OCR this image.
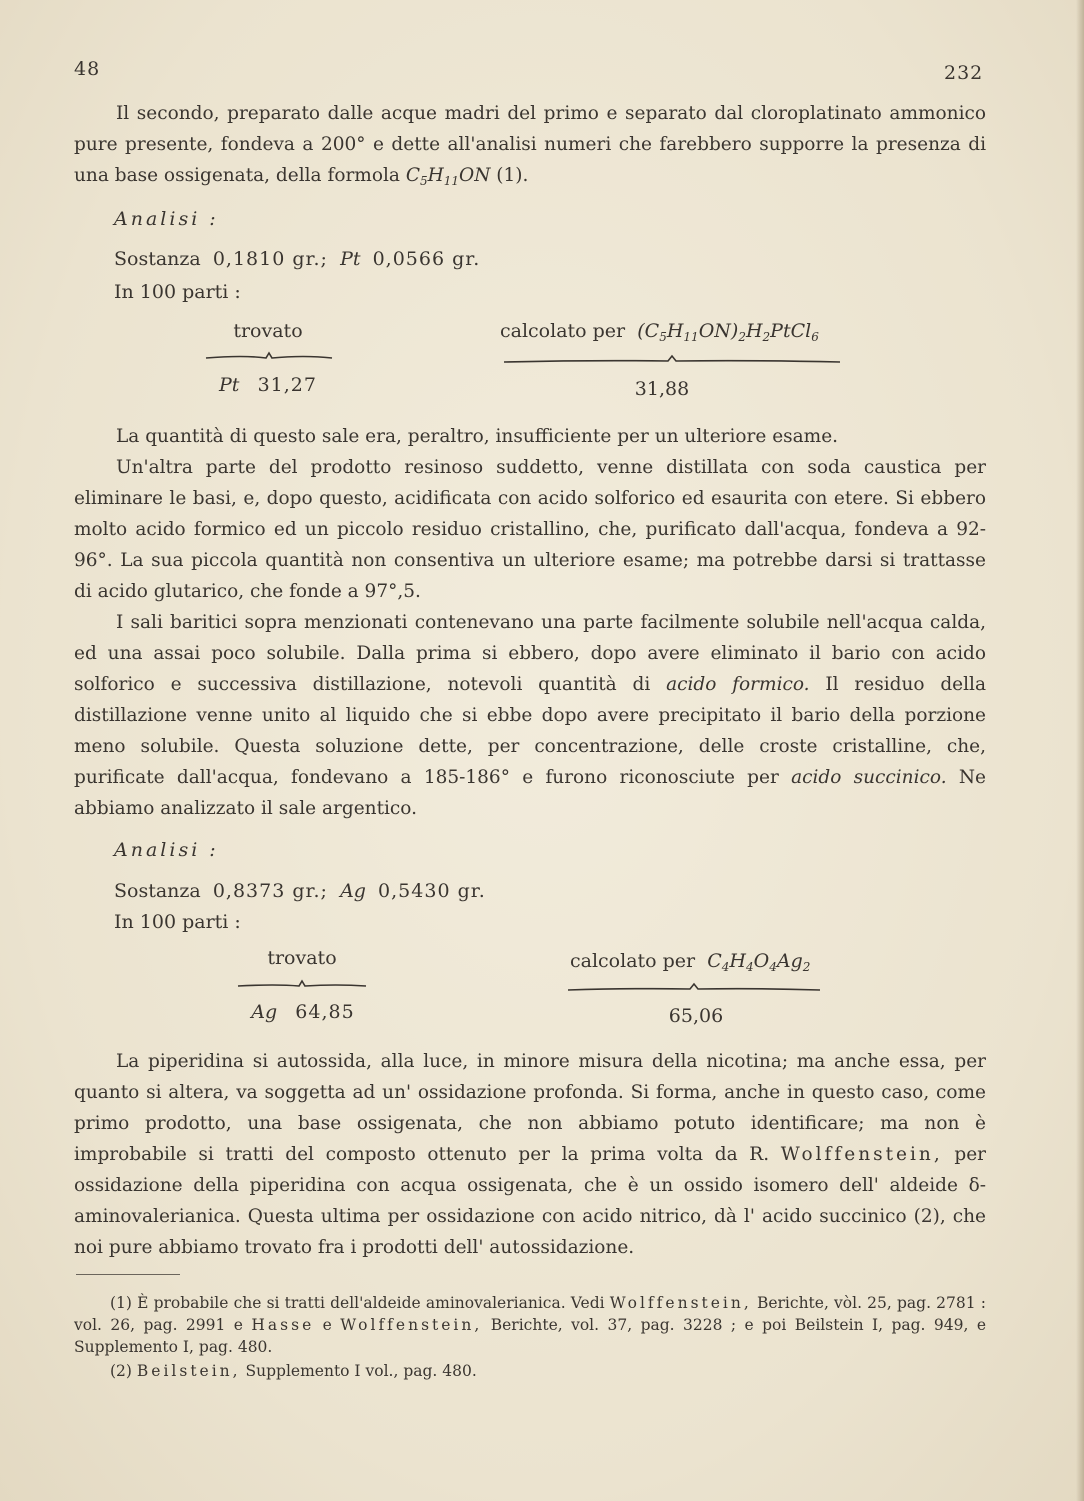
48	232

Il secondo, preparato dalle acque madri del primo e separato dal cloroplatinato ammonico pure presente, fondeva a 200° e dette all'analisi numeri che farebbero supporre la presenza di una base ossigenata, della formola $C_5H_{11}ON$ (1).

Analisi :
Sostanza 0,1810 gr.; Pt 0,0566 gr.
In 100 parti :
trovato	calcolato per $(C_5H_{11}ON)_2H_2PtCl_6$
Pt 31,27	31,88

La quantità di questo sale era, peraltro, insufficiente per un ulteriore esame.

Un'altra parte del prodotto resinoso suddetto, venne distillata con soda caustica per eliminare le basi, e, dopo questo, acidificata con acido solforico ed esaurita con etere. Si ebbero molto acido formico ed un piccolo residuo cristallino, che, purificato dall'acqua, fondeva a 92-96°. La sua piccola quantità non consentiva un ulteriore esame; ma potrebbe darsi si trattasse di acido glutarico, che fonde a 97°,5.

I sali baritici sopra menzionati contenevano una parte facilmente solubile nell'acqua calda, ed una assai poco solubile. Dalla prima si ebbero, dopo avere eliminato il bario con acido solforico e successiva distillazione, notevoli quantità di acido formico. Il residuo della distillazione venne unito al liquido che si ebbe dopo avere precipitato il bario della porzione meno solubile. Questa soluzione dette, per concentrazione, delle croste cristalline, che, purificate dall'acqua, fondevano a 185-186° e furono riconosciute per acido succinico. Ne abbiamo analizzato il sale argentico.

Analisi :
Sostanza 0,8373 gr.; Ag 0,5430 gr.
In 100 parti :
trovato	calcolato per $C_4H_4O_4Ag_2$
Ag 64,85	65,06

La piperidina si autossida, alla luce, in minore misura della nicotina; ma anche essa, per quanto si altera, va soggetta ad un' ossidazione profonda. Si forma, anche in questo caso, come primo prodotto, una base ossigenata, che non abbiamo potuto identificare; ma non è improbabile si tratti del composto ottenuto per la prima volta da R. Wolffenstein, per ossidazione della piperidina con acqua ossigenata, che è un ossido isomero dell' aldeide δ-aminovalerianica. Questa ultima per ossidazione con acido nitrico, dà l' acido succinico (2), che noi pure abbiamo trovato fra i prodotti dell' autossidazione.

(1) È probabile che si tratti dell'aldeide aminovalerianica. Vedi Wolffenstein, Berichte, vòl. 25, pag. 2781 : vol. 26, pag. 2991 e Hasse e Wolffenstein, Berichte, vol. 37, pag. 3228 ; e poi Beilstein I, pag. 949, e Supplemento I, pag. 480.

(2) Beilstein, Supplemento I vol., pag. 480.
